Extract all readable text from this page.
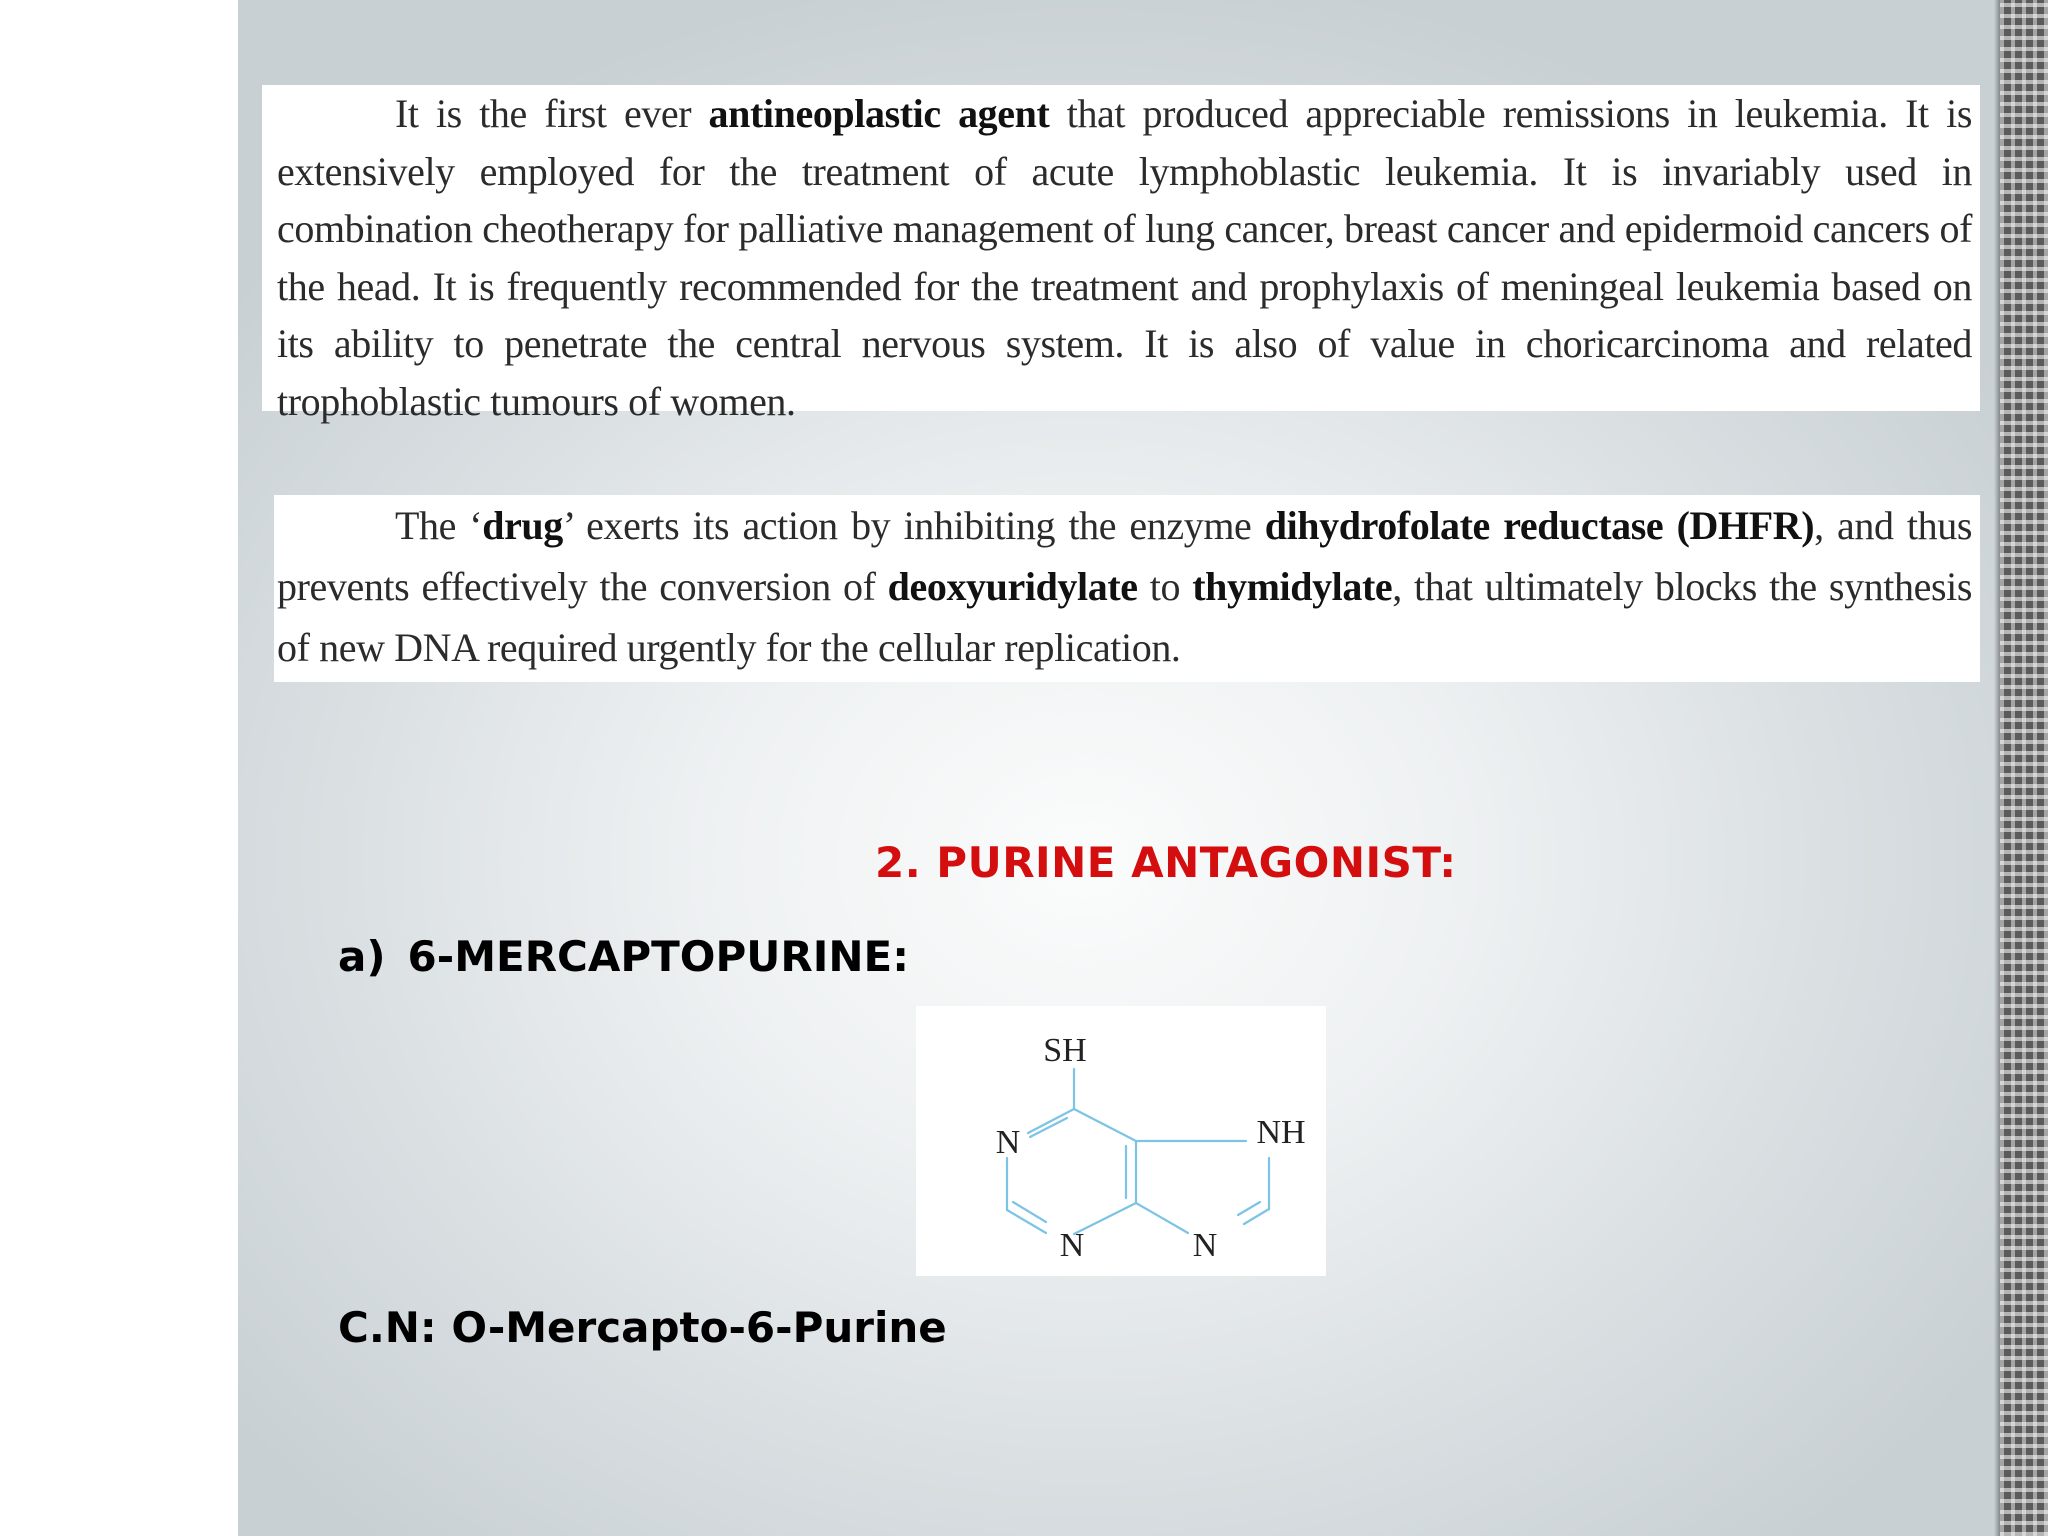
It is the first ever antineoplastic agent that produced appreciable remissions in leukemia. It is extensively employed for the treatment of acute lymphoblastic leukemia. It is invariably used in combination cheotherapy for palliative management of lung cancer, breast cancer and epidermoid cancers of the head. It is frequently recommended for the treatment and prophylaxis of meningeal leukemia based on its ability to penetrate the central nervous system. It is also of value in choricarcinoma and related trophoblastic tumours of women.

The ‘drug’ exerts its action by inhibiting the enzyme dihydrofolate reductase (DHFR), and thus prevents effectively the conversion of deoxyuridylate to thymidylate, that ultimately blocks the synthesis of new DNA required urgently for the cellular replication.

2. PURINE ANTAGONIST:
a) 6-MERCAPTOPURINE:
SH
N	NH
N	N
C.N: O-Mercapto-6-Purine
